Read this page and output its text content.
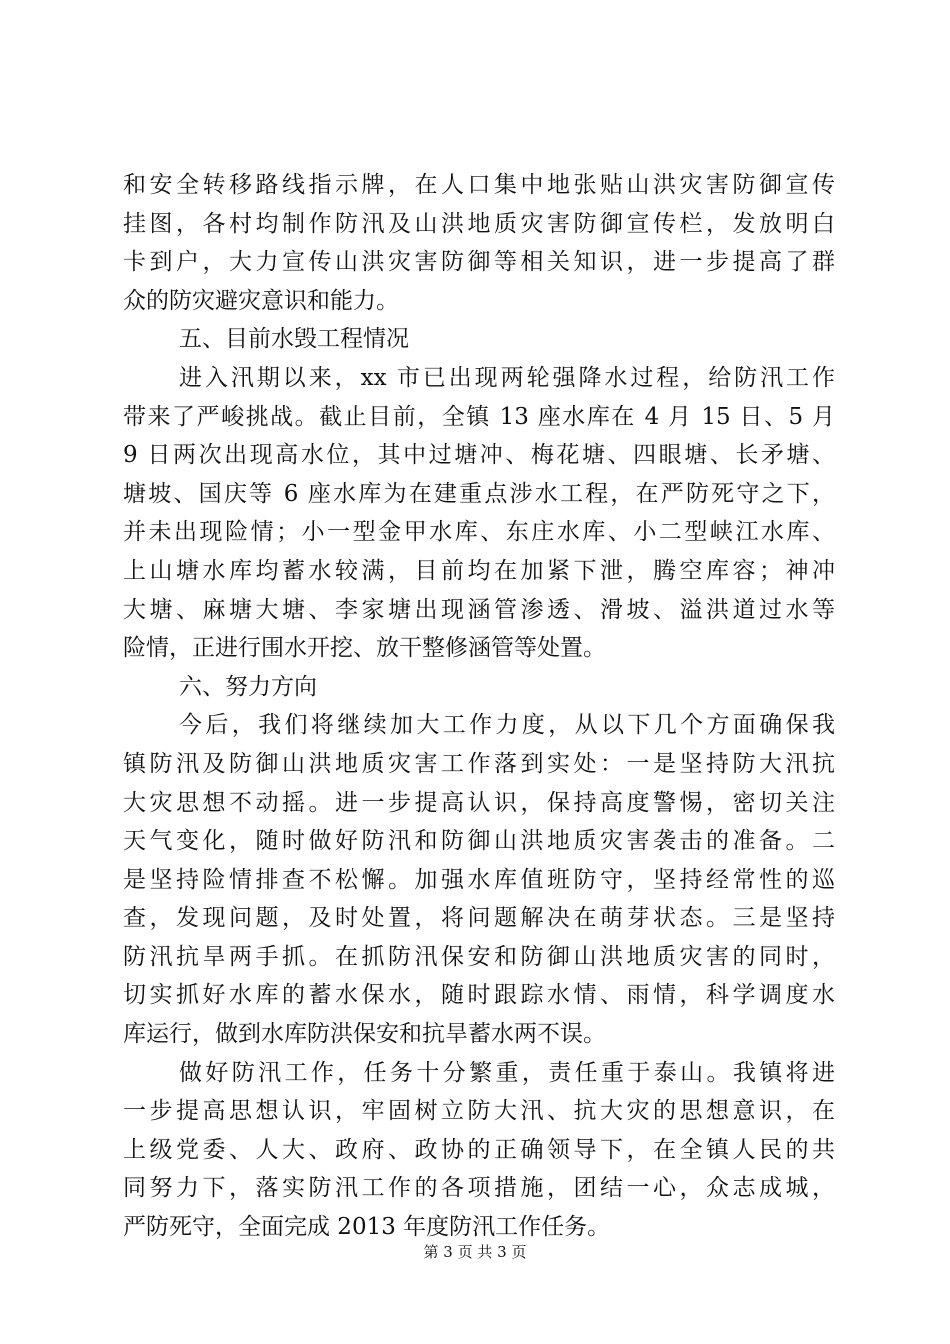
和安全转移路线指示牌，在人口集中地张贴山洪灾害防御宣传
挂图，各村均制作防汛及山洪地质灾害防御宣传栏，发放明白
卡到户，大力宣传山洪灾害防御等相关知识，进一步提高了群
众的防灾避灾意识和能力。
五、目前水毁工程情况
进入汛期以来，xx 市已出现两轮强降水过程，给防汛工作
带来了严峻挑战。截止目前，全镇 13 座水库在 4 月 15 日、5 月
9 日两次出现高水位，其中过塘冲、梅花塘、四眼塘、长矛塘、
塘坡、国庆等 6 座水库为在建重点涉水工程，在严防死守之下，
并未出现险情；小一型金甲水库、东庄水库、小二型峡江水库、
上山塘水库均蓄水较满，目前均在加紧下泄，腾空库容；神冲
大塘、麻塘大塘、李家塘出现涵管渗透、滑坡、溢洪道过水等
险情，正进行围水开挖、放干整修涵管等处置。
六、努力方向
今后，我们将继续加大工作力度，从以下几个方面确保我
镇防汛及防御山洪地质灾害工作落到实处：一是坚持防大汛抗
大灾思想不动摇。进一步提高认识，保持高度警惕，密切关注
天气变化，随时做好防汛和防御山洪地质灾害袭击的准备。二
是坚持险情排查不松懈。加强水库值班防守，坚持经常性的巡
查，发现问题，及时处置，将问题解决在萌芽状态。三是坚持
防汛抗旱两手抓。在抓防汛保安和防御山洪地质灾害的同时，
切实抓好水库的蓄水保水，随时跟踪水情、雨情，科学调度水
库运行，做到水库防洪保安和抗旱蓄水两不误。
做好防汛工作，任务十分繁重，责任重于泰山。我镇将进
一步提高思想认识，牢固树立防大汛、抗大灾的思想意识，在
上级党委、人大、政府、政协的正确领导下，在全镇人民的共
同努力下，落实防汛工作的各项措施，团结一心，众志成城，
严防死守，全面完成 2013 年度防汛工作任务。
第 3 页 共 3 页
